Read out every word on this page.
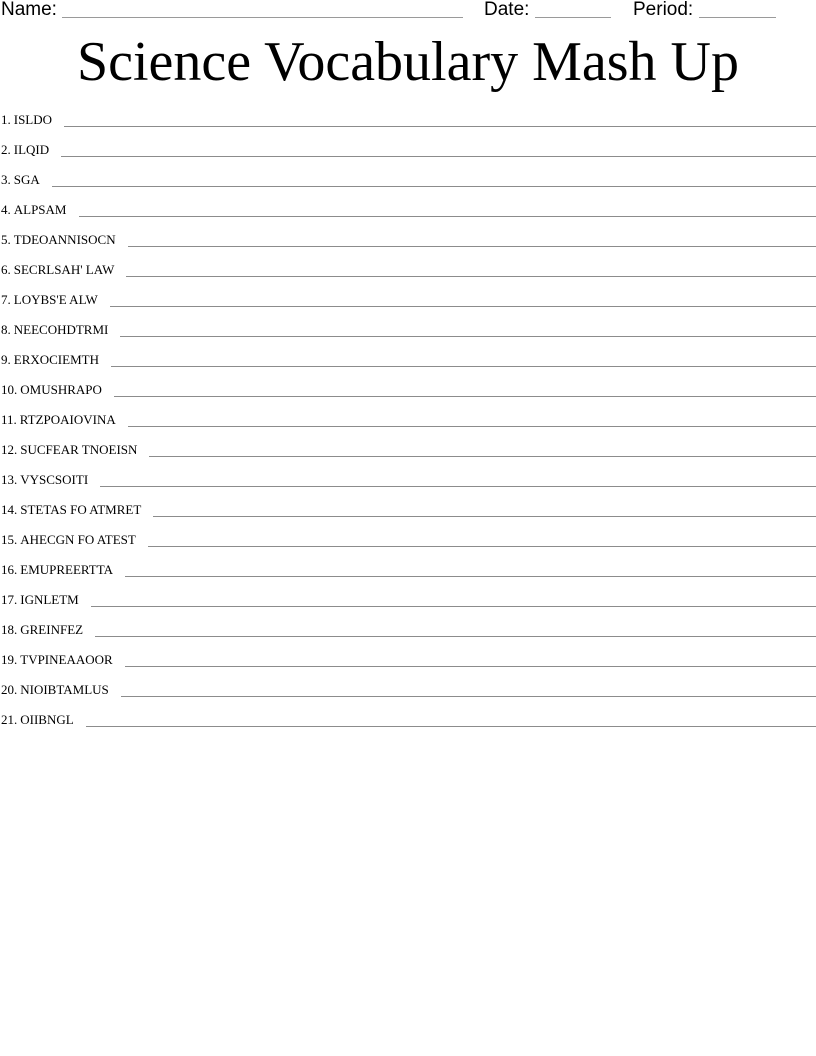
Name:	Date:	Period:
Science Vocabulary Mash Up
1. ISLDO
2. ILQID
3. SGA
4. ALPSAM
5. TDEOANNISOCN
6. SECRLSAH' LAW
7. LOYBS'E ALW
8. NEECOHDTRMI
9. ERXOCIEMTH
10. OMUSHRAPO
11. RTZPOAIOVINA
12. SUCFEAR TNOEISN
13. VYSCSOITI
14. STETAS FO ATMRET
15. AHECGN FO ATEST
16. EMUPREERTTA
17. IGNLETM
18. GREINFEZ
19. TVPINEAAOOR
20. NIOIBTAMLUS
21. OIIBNGL
